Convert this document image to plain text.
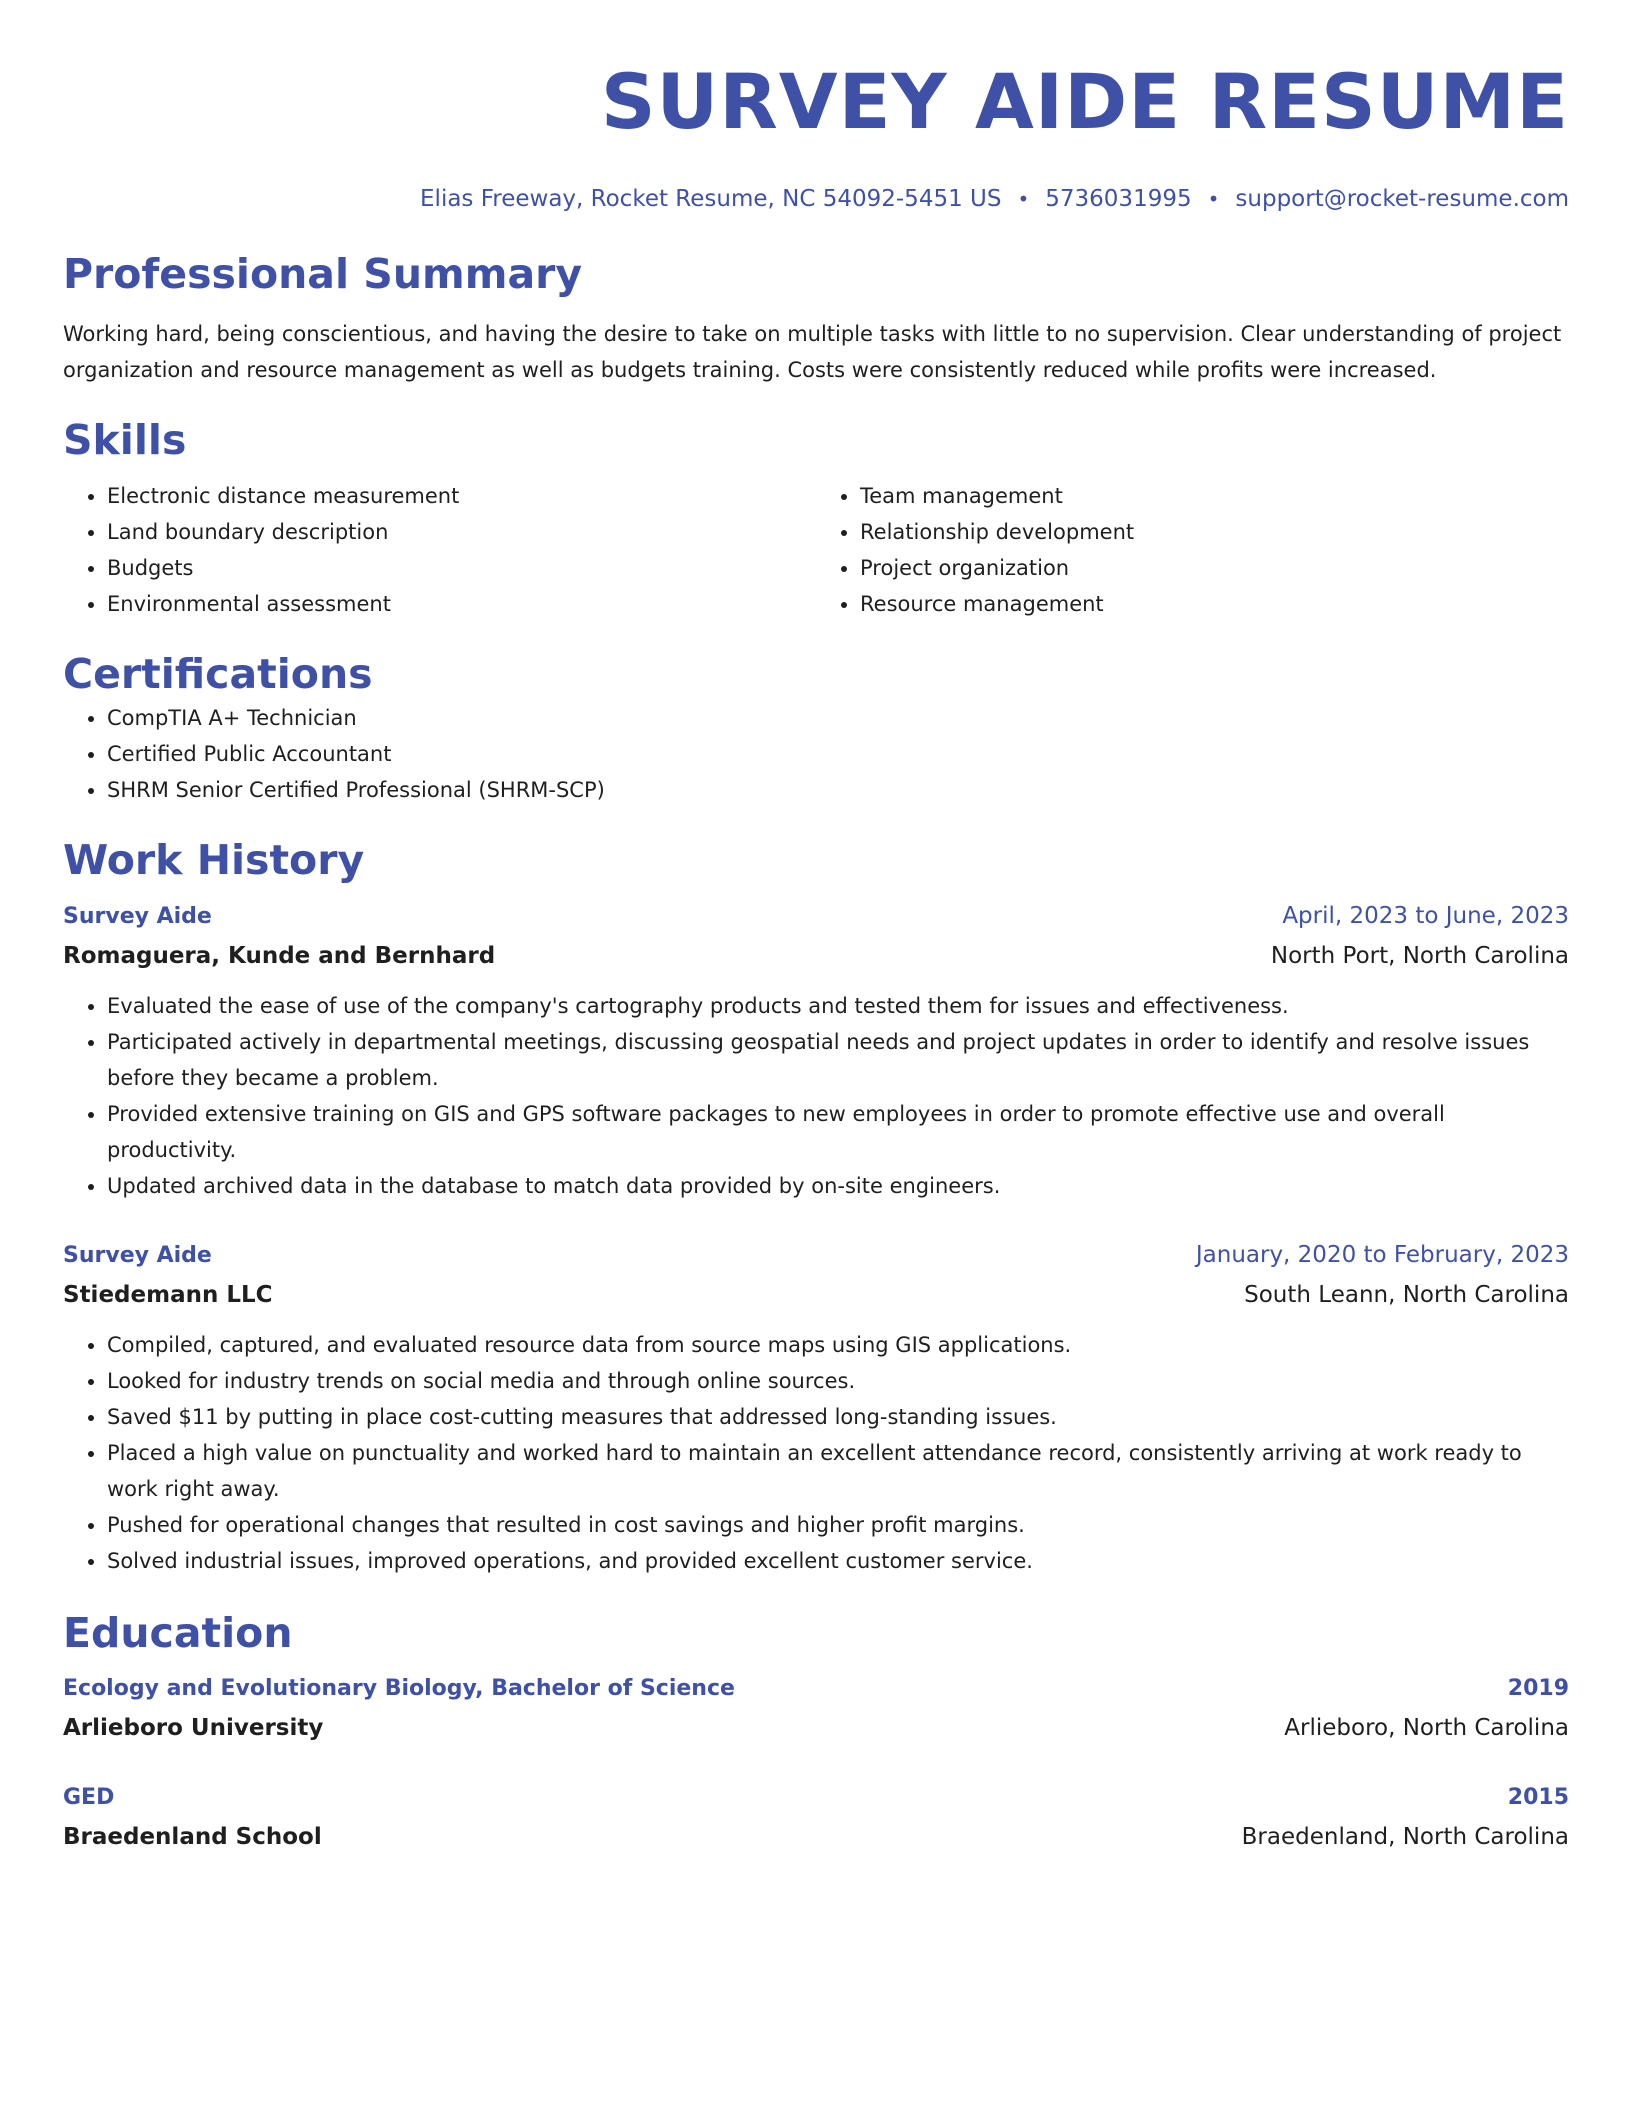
SURVEY AIDE RESUME
Elias Freeway, Rocket Resume, NC 54092-5451 US • 5736031995 • support@rocket-resume.com
Professional Summary
Working hard, being conscientious, and having the desire to take on multiple tasks with little to no supervision. Clear understanding of project organization and resource management as well as budgets training. Costs were consistently reduced while profits were increased.
Skills
• Electronic distance measurement
• Land boundary description
• Budgets
• Environmental assessment
• Team management
• Relationship development
• Project organization
• Resource management
Certifications
• CompTIA A+ Technician
• Certified Public Accountant
• SHRM Senior Certified Professional (SHRM-SCP)
Work History
Survey Aide	April, 2023 to June, 2023
Romaguera, Kunde and Bernhard	North Port, North Carolina
• Evaluated the ease of use of the company's cartography products and tested them for issues and effectiveness.
• Participated actively in departmental meetings, discussing geospatial needs and project updates in order to identify and resolve issues before they became a problem.
• Provided extensive training on GIS and GPS software packages to new employees in order to promote effective use and overall productivity.
• Updated archived data in the database to match data provided by on-site engineers.
Survey Aide	January, 2020 to February, 2023
Stiedemann LLC	South Leann, North Carolina
• Compiled, captured, and evaluated resource data from source maps using GIS applications.
• Looked for industry trends on social media and through online sources.
• Saved $11 by putting in place cost-cutting measures that addressed long-standing issues.
• Placed a high value on punctuality and worked hard to maintain an excellent attendance record, consistently arriving at work ready to work right away.
• Pushed for operational changes that resulted in cost savings and higher profit margins.
• Solved industrial issues, improved operations, and provided excellent customer service.
Education
Ecology and Evolutionary Biology, Bachelor of Science	2019
Arlieboro University	Arlieboro, North Carolina
GED	2015
Braedenland School	Braedenland, North Carolina
